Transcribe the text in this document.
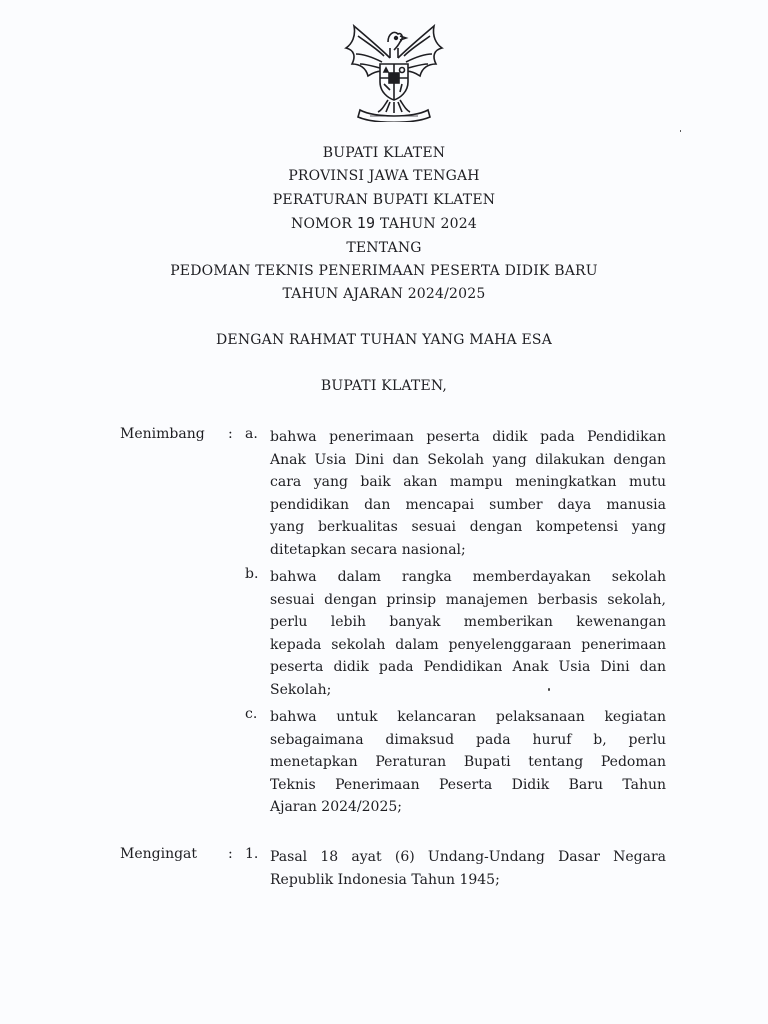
BUPATI KLATEN
PROVINSI JAWA TENGAH
PERATURAN BUPATI KLATEN
NOMOR 19 TAHUN 2024
TENTANG
PEDOMAN TEKNIS PENERIMAAN PESERTA DIDIK BARU
TAHUN AJARAN 2024/2025
DENGAN RAHMAT TUHAN YANG MAHA ESA
BUPATI KLATEN,
Menimbang : a. bahwa penerimaan peserta didik pada Pendidikan
Anak Usia Dini dan Sekolah yang dilakukan dengan
cara yang baik akan mampu meningkatkan mutu
pendidikan dan mencapai sumber daya manusia
yang berkualitas sesuai dengan kompetensi yang
ditetapkan secara nasional;
b. bahwa dalam rangka memberdayakan sekolah
sesuai dengan prinsip manajemen berbasis sekolah,
perlu lebih banyak memberikan kewenangan
kepada sekolah dalam penyelenggaraan penerimaan
peserta didik pada Pendidikan Anak Usia Dini dan
Sekolah;
c. bahwa untuk kelancaran pelaksanaan kegiatan
sebagaimana dimaksud pada huruf b, perlu
menetapkan Peraturan Bupati tentang Pedoman
Teknis Penerimaan Peserta Didik Baru Tahun
Ajaran 2024/2025;
Mengingat : 1. Pasal 18 ayat (6) Undang-Undang Dasar Negara
Republik Indonesia Tahun 1945;
